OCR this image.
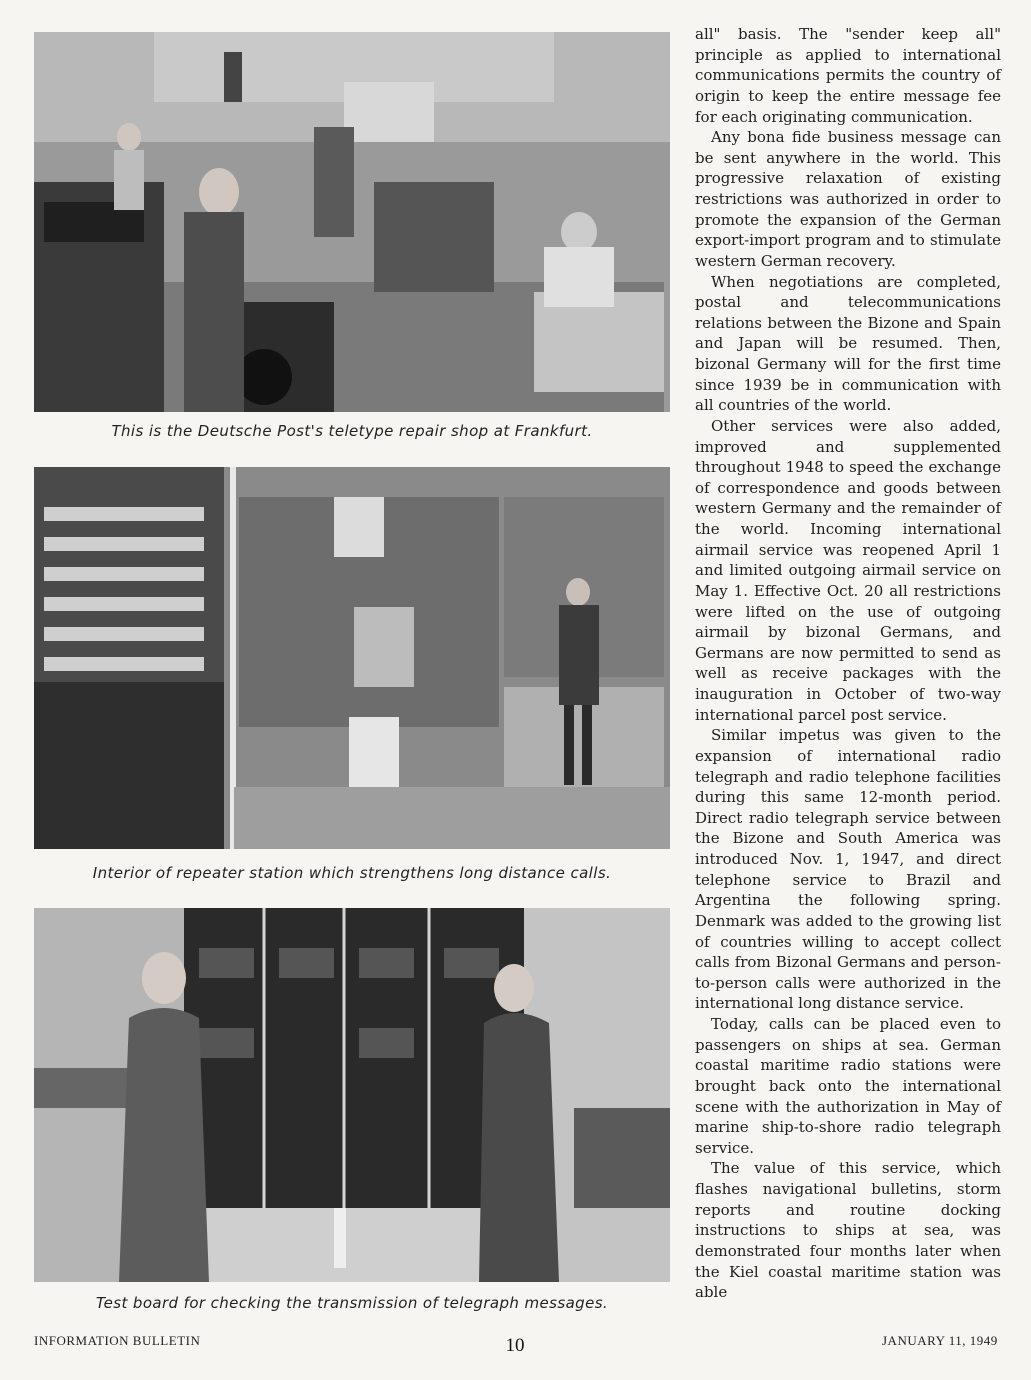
This is the Deutsche Post's teletype repair shop at Frankfurt.
Interior of repeater station which strengthens long distance calls.
Test board for checking the transmission of telegraph messages.

all" basis. The "sender keep all" principle as applied to international communications permits the country of origin to keep the entire message fee for each originating communication.

Any bona fide business message can be sent anywhere in the world. This progressive relaxation of existing restrictions was authorized in order to promote the expansion of the German export-import program and to stimulate western German recovery.

When negotiations are completed, postal and telecommunications relations between the Bizone and Spain and Japan will be resumed. Then, bizonal Germany will for the first time since 1939 be in communication with all countries of the world.

Other services were also added, improved and supplemented throughout 1948 to speed the exchange of correspondence and goods between western Germany and the remainder of the world. Incoming international airmail service was reopened April 1 and limited outgoing airmail service on May 1. Effective Oct. 20 all restrictions were lifted on the use of outgoing airmail by bizonal Germans, and Germans are now permitted to send as well as receive packages with the inauguration in October of two-way international parcel post service.

Similar impetus was given to the expansion of international radio telegraph and radio telephone facilities during this same 12-month period. Direct radio telegraph service between the Bizone and South America was introduced Nov. 1, 1947, and direct telephone service to Brazil and Argentina the following spring. Denmark was added to the growing list of countries willing to accept collect calls from Bizonal Germans and person-to-person calls were authorized in the international long distance service.

Today, calls can be placed even to passengers on ships at sea. German coastal maritime radio stations were brought back onto the international scene with the authorization in May of marine ship-to-shore radio telegraph service.

The value of this service, which flashes navigational bulletins, storm reports and routine docking instructions to ships at sea, was demonstrated four months later when the Kiel coastal maritime station was able

INFORMATION BULLETIN	10	JANUARY 11, 1949
